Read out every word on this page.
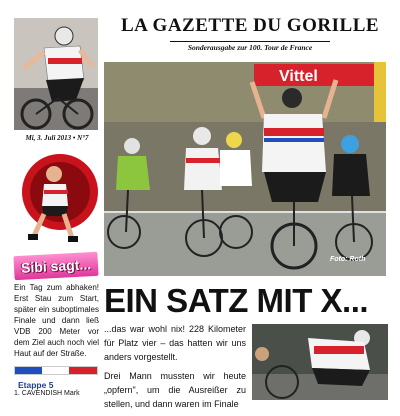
Mi, 3. Juli 2013 • N°7
Sibi sagt...
Ein Tag zum abhaken! Erst Stau zum Start, später ein suboptimales Finale und dann ließ VDB 200 Meter vor dem Ziel auch noch viel Haut auf der Straße.
Etappe 5
1. CAVENDISH Mark
LA GAZETTE DU GORILLE
Sonderausgabe zur 100. Tour de France
Vittel
Foto: Roth
EIN SATZ MIT X...

...das war wohl nix! 228 Kilometer für Platz vier – das hatten wir uns anders vorgestellt.

Drei Mann mussten wir heute „opfern", um die Ausreißer zu stellen, und dann waren im Finale
